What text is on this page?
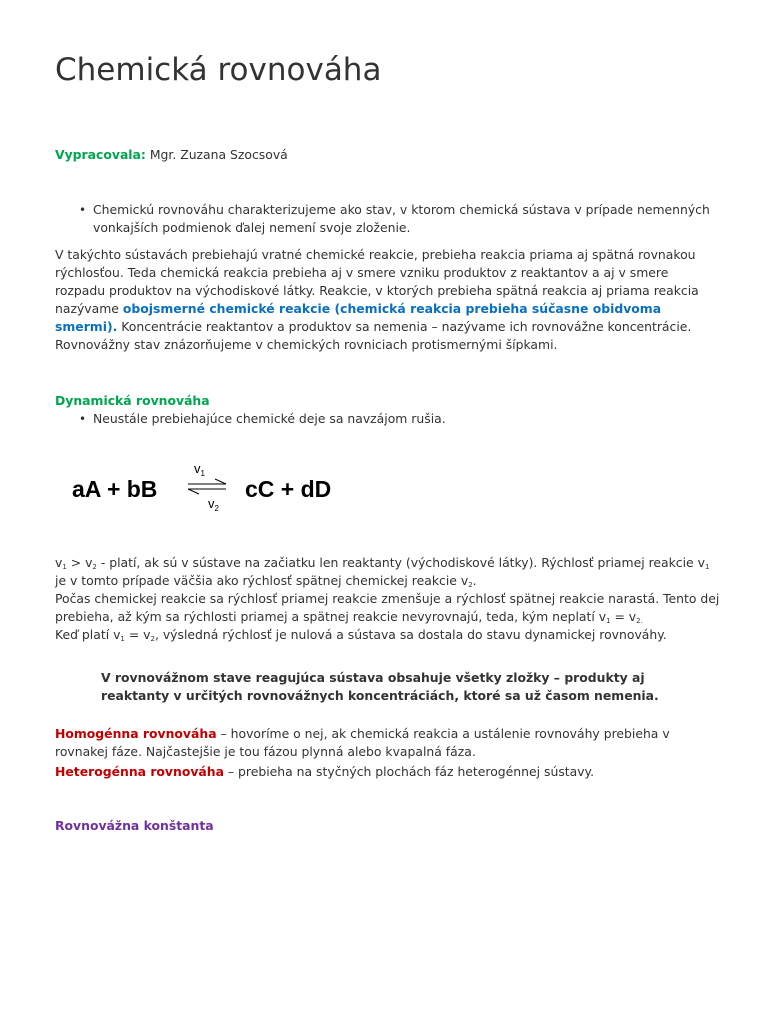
Chemická rovnováha

Vypracovala: Mgr. Zuzana Szocsová

• Chemickú rovnováhu charakterizujeme ako stav, v ktorom chemická sústava v prípade nemenných vonkajších podmienok ďalej nemení svoje zloženie.

V takýchto sústavách prebiehajú vratné chemické reakcie, prebieha reakcia priama aj spätná rovnakou rýchlosťou. Teda chemická reakcia prebieha aj v smere vzniku produktov z reaktantov a aj v smere rozpadu produktov na východiskové látky. Reakcie, v ktorých prebieha spätná reakcia aj priama reakcia nazývame obojsmerné chemické reakcie (chemická reakcia prebieha súčasne obidvoma smermi). Koncentrácie reaktantov a produktov sa nemenia – nazývame ich rovnovážne koncentrácie. Rovnovážny stav znázorňujeme v chemických rovniciach protismernými šípkami.

Dynamická rovnováha

• Neustále prebiehajúce chemické deje sa navzájom rušia.
aA + bB
$v_1$
$v_2$
cC + dD
$v_1 > v_2$ - platí, ak sú v sústave na začiatku len reaktanty (východiskové látky). Rýchlosť priamej reakcie $v_1$
je v tomto prípade väčšia ako rýchlosť spätnej chemickej reakcie $v_2$.
Počas chemickej reakcie sa rýchlosť priamej reakcie zmenšuje a rýchlosť spätnej reakcie narastá. Tento dej prebieha, až kým sa rýchlosti priamej a spätnej reakcie nevyrovnajú, teda, kým neplatí $v_1 = v_{2.}$
Keď platí $v_1 = v_2$, výsledná rýchlosť je nulová a sústava sa dostala do stavu dynamickej rovnováhy.

V rovnovážnom stave reagujúca sústava obsahuje všetky zložky – produkty aj reaktanty v určitých rovnovážnych koncentráciách, ktoré sa už časom nemenia.

Homogénna rovnováha – hovoríme o nej, ak chemická reakcia a ustálenie rovnováhy prebieha v rovnakej fáze. Najčastejšie je tou fázou plynná alebo kvapalná fáza.

Heterogénna rovnováha – prebieha na styčných plochách fáz heterogénnej sústavy.

Rovnovážna konštanta
